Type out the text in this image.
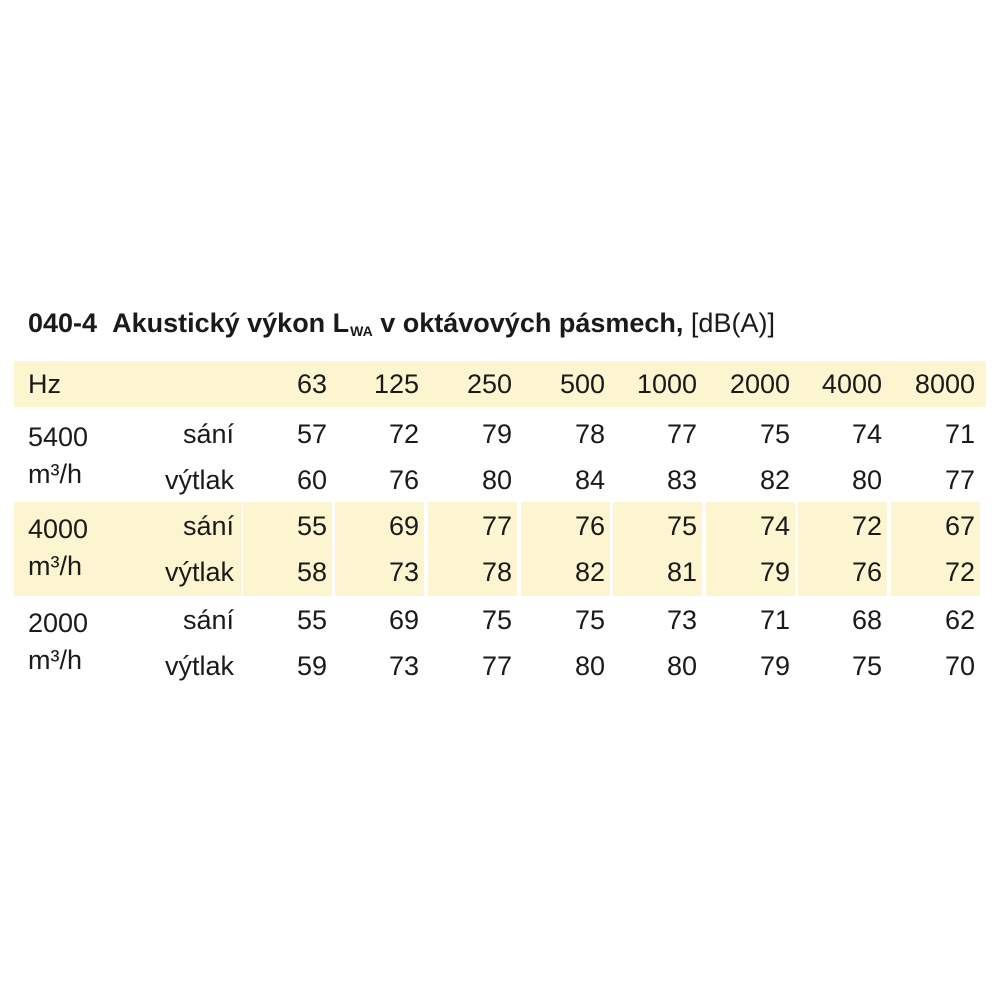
040-4 Akustický výkon LWA v oktávových pásmech, [dB(A)]
Hz	63	125	250	500	1000	2000	4000	8000
5400
m³/h
sání	57	72	79	78	77	75	74	71
výtlak	60	76	80	84	83	82	80	77
4000
m³/h
sání	55	69	77	76	75	74	72	67
výtlak	58	73	78	82	81	79	76	72
2000
m³/h
sání	55	69	75	75	73	71	68	62
výtlak	59	73	77	80	80	79	75	70
